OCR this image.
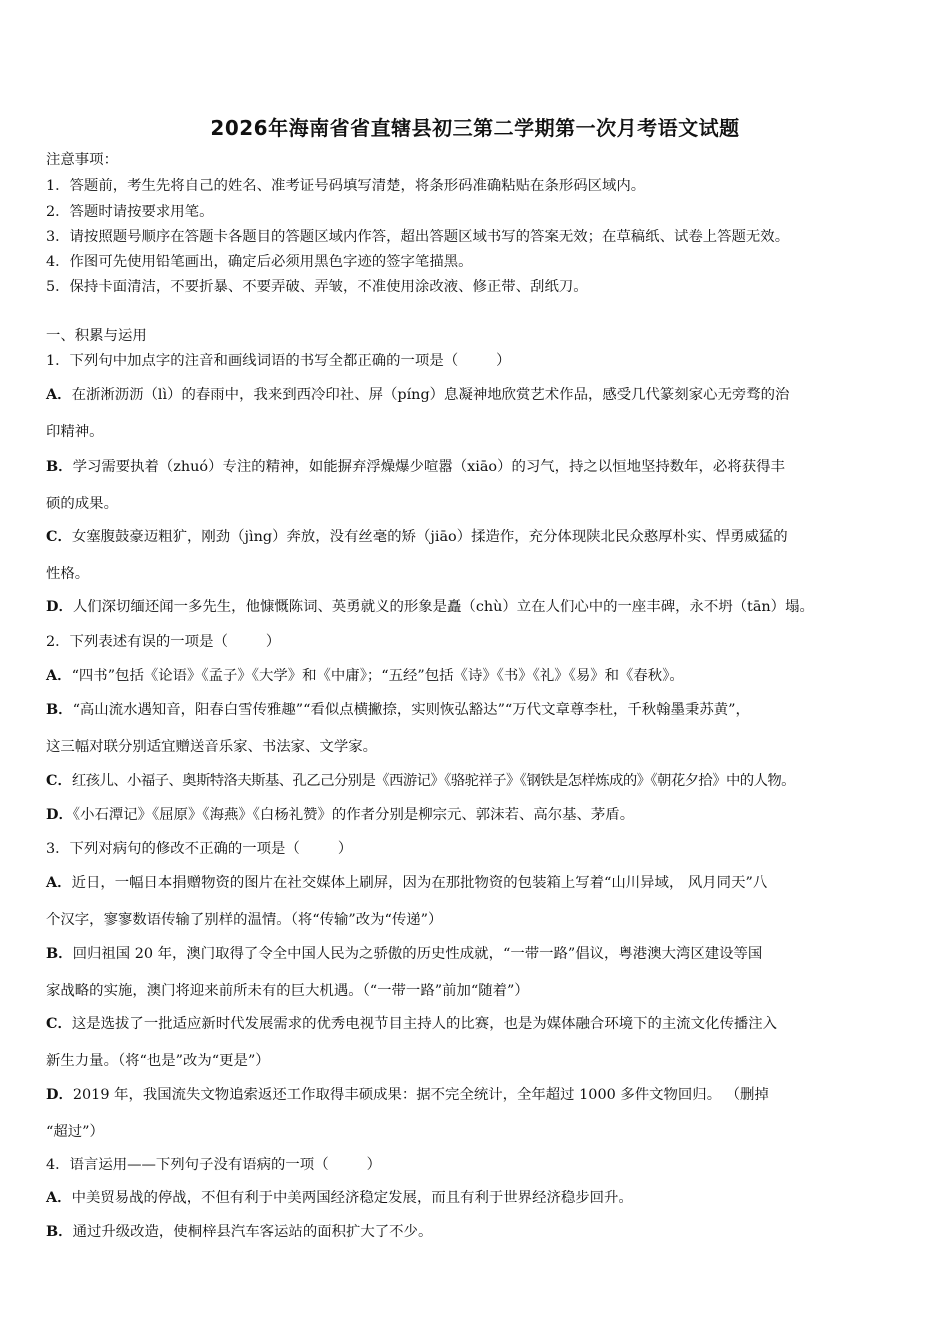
2026年海南省省直辖县初三第二学期第一次月考语文试题
注意事项：
1．答题前，考生先将自己的姓名、准考证号码填写清楚，将条形码准确粘贴在条形码区域内。
2．答题时请按要求用笔。
3．请按照题号顺序在答题卡各题目的答题区域内作答，超出答题区域书写的答案无效；在草稿纸、试卷上答题无效。
4．作图可先使用铅笔画出，确定后必须用黑色字迹的签字笔描黑。
5．保持卡面清洁，不要折暴、不要弄破、弄皱，不准使用涂改液、修正带、刮纸刀。
一、积累与运用
1．下列句中加点字的注音和画线词语的书写全都正确的一项是（	）
A．在浙淅沥沥（lì）的春雨中，我来到西冷印社、屏（píng）息凝神地欣赏艺术作品，感受几代篆刻家心无旁骛的治
印精神。
B．学习需要执着（zhuó）专注的精神，如能摒弃浮燥爆少喧嚣（xiāo）的习气，持之以恒地坚持数年，必将获得丰
硕的成果。
C．女塞腹鼓豪迈粗犷，刚劲（jìng）奔放，没有丝毫的矫（jiāo）揉造作，充分体现陕北民众憨厚朴实、悍勇威猛的
性格。
D．人们深切缅还闻一多先生，他慷慨陈词、英勇就义的形象是矗（chù）立在人们心中的一座丰碑，永不坍（tān）塌。
2．下列表述有误的一项是（	）
A．“四书”包括《论语》《孟子》《大学》和《中庸》；“五经”包括《诗》《书》《礼》《易》和《春秋》。
B．“高山流水遇知音，阳春白雪传雅趣”“看似点横撇捺，实则恢弘豁达”“万代文章尊李杜，千秋翰墨秉苏黄”，
这三幅对联分别适宜赠送音乐家、书法家、文学家。
C．红孩儿、小福子、奥斯特洛夫斯基、孔乙己分别是《西游记》《骆驼祥子》《钢铁是怎样炼成的》《朝花夕拾》中的人物。
D．《小石潭记》《屈原》《海燕》《白杨礼赞》的作者分别是柳宗元、郭沫若、高尔基、茅盾。
3．下列对病句的修改不正确的一项是（	）
A．近日，一幅日本捐赠物资的图片在社交媒体上刷屏，因为在那批物资的包装箱上写着“山川异域， 风月同天”八
个汉字，寥寥数语传输了别样的温情。（将“传输”改为“传递”）
B．回归祖国 20 年，澳门取得了令全中国人民为之骄傲的历史性成就，“一带一路”倡议，粤港澳大湾区建设等国
家战略的实施，澳门将迎来前所未有的巨大机遇。（“一带一路”前加“随着”）
C．这是选拔了一批适应新时代发展需求的优秀电视节目主持人的比赛，也是为媒体融合环境下的主流文化传播注入
新生力量。（将“也是”改为“更是”）
D．2019 年，我国流失文物追索返还工作取得丰硕成果：据不完全统计，全年超过 1000 多件文物回归。 （删掉
“超过”）
4．语言运用——下列句子没有语病的一项（	）
A．中美贸易战的停战，不但有利于中美两国经济稳定发展，而且有利于世界经济稳步回升。
B．通过升级改造，使桐梓县汽车客运站的面积扩大了不少。
